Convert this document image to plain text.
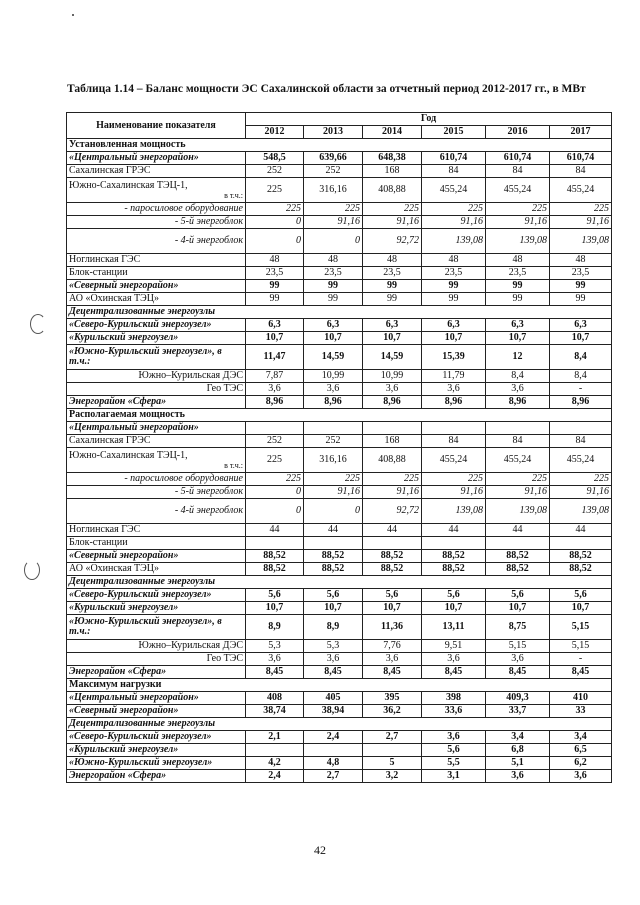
Таблица 1.14 – Баланс мощности ЭС Сахалинской области за отчетный период 2012-2017 гг., в МВт
Наименование показателя	Год					
	2012	2013	2014	2015	2016	2017
Установленная мощность						
«Центральный энергорайон»	548,5	639,66	648,38	610,74	610,74	610,74
Сахалинская ГРЭС	252	252	168	84	84	84
Южно-Сахалинская ТЭЦ-1,
в т.ч.:	225	316,16	408,88	455,24	455,24	455,24
- паросиловое оборудование	225	225	225	225	225	225
- 5-й энергоблок	0	91,16	91,16	91,16	91,16	91,16
- 4-й энергоблок	0	0	92,72	139,08	139,08	139,08
Ноглинская ГЭС	48	48	48	48	48	48
Блок-станции	23,5	23,5	23,5	23,5	23,5	23,5
«Северный энергорайон»	99	99	99	99	99	99
АО «Охинская ТЭЦ»	99	99	99	99	99	99
Децентрализованные энергоузлы						
«Северо-Курильский энергоузел»	6,3	6,3	6,3	6,3	6,3	6,3
«Курильский энергоузел»	10,7	10,7	10,7	10,7	10,7	10,7
«Южно-Курильский энергоузел», в т.ч.:	11,47	14,59	14,59	15,39	12	8,4
Южно–Курильская ДЭС	7,87	10,99	10,99	11,79	8,4	8,4
Гео ТЭС	3,6	3,6	3,6	3,6	3,6	-
Энергорайон «Сфера»	8,96	8,96	8,96	8,96	8,96	8,96
Располагаемая мощность						
«Центральный энергорайон»						
Сахалинская ГРЭС	252	252	168	84	84	84
Южно-Сахалинская ТЭЦ-1,
в т.ч.:	225	316,16	408,88	455,24	455,24	455,24
- паросиловое оборудование	225	225	225	225	225	225
- 5-й энергоблок	0	91,16	91,16	91,16	91,16	91,16
- 4-й энергоблок	0	0	92,72	139,08	139,08	139,08
Ноглинская ГЭС	44	44	44	44	44	44
Блок-станции						
«Северный энергорайон»	88,52	88,52	88,52	88,52	88,52	88,52
АО «Охинская ТЭЦ»	88,52	88,52	88,52	88,52	88,52	88,52
Децентрализованные энергоузлы						
«Северо-Курильский энергоузел»	5,6	5,6	5,6	5,6	5,6	5,6
«Курильский энергоузел»	10,7	10,7	10,7	10,7	10,7	10,7
«Южно-Курильский энергоузел», в т.ч.:	8,9	8,9	11,36	13,11	8,75	5,15
Южно–Курильская ДЭС	5,3	5,3	7,76	9,51	5,15	5,15
Гео ТЭС	3,6	3,6	3,6	3,6	3,6	-
Энергорайон «Сфера»	8,45	8,45	8,45	8,45	8,45	8,45
Максимум нагрузки						
«Центральный энергорайон»	408	405	395	398	409,3	410
«Северный энергорайон»	38,74	38,94	36,2	33,6	33,7	33
Децентрализованные энергоузлы						
«Северо-Курильский энергоузел»	2,1	2,4	2,7	3,6	3,4	3,4
«Курильский энергоузел»				5,6	6,8	6,5
«Южно-Курильский энергоузел»	4,2	4,8	5	5,5	5,1	6,2
Энергорайон «Сфера»	2,4	2,7	3,2	3,1	3,6	3,6
42
